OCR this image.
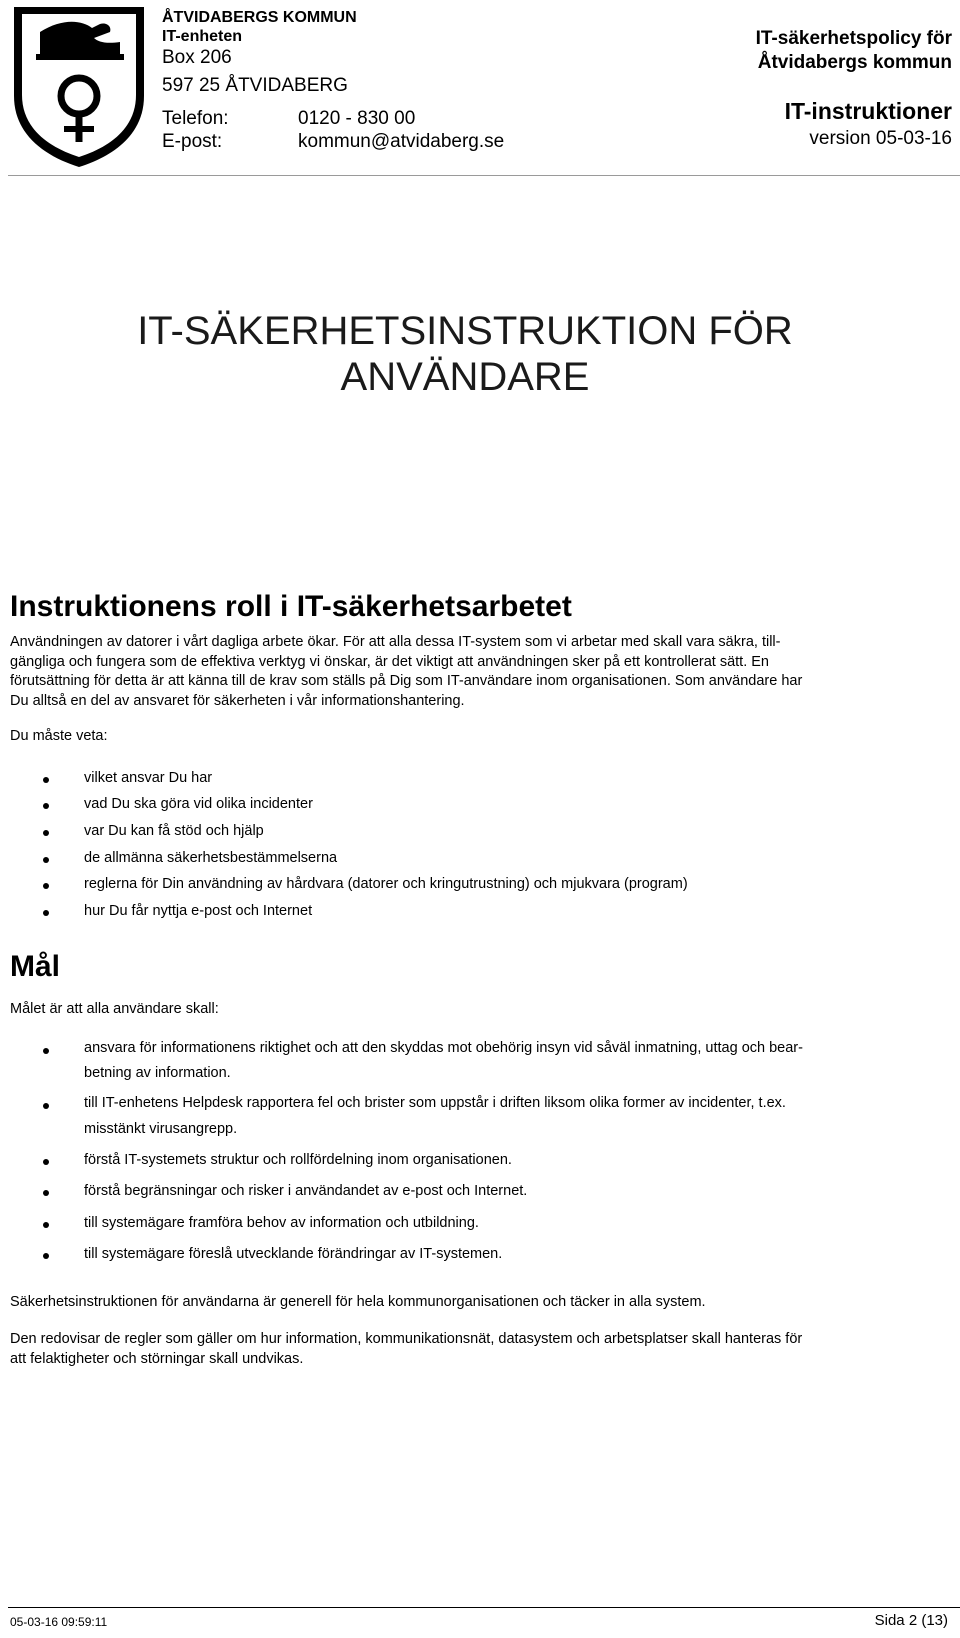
ÅTVIDABERGS KOMMUN
IT-enheten
Box 206
597 25 ÅTVIDABERG
Telefon:	0120 - 830 00
E-post:	kommun@atvidaberg.se
IT-säkerhetspolicy för
Åtvidabergs kommun
IT-instruktioner
version 05-03-16
IT-SÄKERHETSINSTRUKTION FÖR
ANVÄNDARE
Instruktionens roll i IT-säkerhetsarbetet
Användningen av datorer i vårt dagliga arbete ökar. För att alla dessa IT-system som vi arbetar med skall vara säkra, till-
gängliga och fungera som de effektiva verktyg vi önskar, är det viktigt att användningen sker på ett kontrollerat sätt. En
förutsättning för detta är att känna till de krav som ställs på Dig som IT-användare inom organisationen. Som användare har
Du alltså en del av ansvaret för säkerheten i vår informationshantering.
Du måste veta:
vilket ansvar Du har
vad Du ska göra vid olika incidenter
var Du kan få stöd och hjälp
de allmänna säkerhetsbestämmelserna
reglerna för Din användning av hårdvara (datorer och kringutrustning) och mjukvara (program)
hur Du får nyttja e-post och Internet
Mål
Målet är att alla användare skall:
ansvara för informationens riktighet och att den skyddas mot obehörig insyn vid såväl inmatning, uttag och bear-
betning av information.
till IT-enhetens Helpdesk rapportera fel och brister som uppstår i driften liksom olika former av incidenter, t.ex.
misstänkt virusangrepp.
förstå IT-systemets struktur och rollfördelning inom organisationen.
förstå begränsningar och risker i användandet av e-post och Internet.
till systemägare framföra behov av information och utbildning.
till systemägare föreslå utvecklande förändringar av IT-systemen.
Säkerhetsinstruktionen för användarna är generell för hela kommunorganisationen och täcker in alla system.
Den redovisar de regler som gäller om hur information, kommunikationsnät, datasystem och arbetsplatser skall hanteras för
att felaktigheter och störningar skall undvikas.
05-03-16 09:59:11	Sida 2 (13)
